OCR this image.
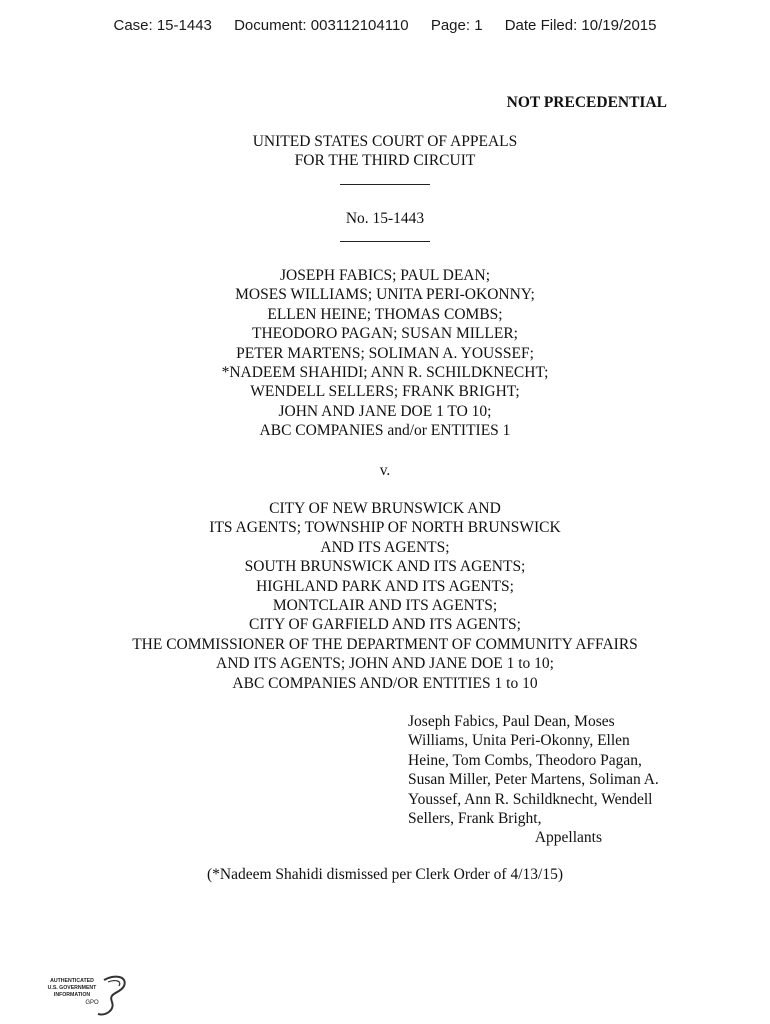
Case: 15-1443 Document: 003112104110 Page: 1 Date Filed: 10/19/2015
NOT PRECEDENTIAL
UNITED STATES COURT OF APPEALS
FOR THE THIRD CIRCUIT
No. 15-1443
JOSEPH FABICS; PAUL DEAN;
MOSES WILLIAMS; UNITA PERI-OKONNY;
ELLEN HEINE; THOMAS COMBS;
THEODORO PAGAN; SUSAN MILLER;
PETER MARTENS; SOLIMAN A. YOUSSEF;
*NADEEM SHAHIDI; ANN R. SCHILDKNECHT;
WENDELL SELLERS; FRANK BRIGHT;
JOHN AND JANE DOE 1 TO 10;
ABC COMPANIES and/or ENTITIES 1
v.
CITY OF NEW BRUNSWICK AND
ITS AGENTS; TOWNSHIP OF NORTH BRUNSWICK
AND ITS AGENTS;
SOUTH BRUNSWICK AND ITS AGENTS;
HIGHLAND PARK AND ITS AGENTS;
MONTCLAIR AND ITS AGENTS;
CITY OF GARFIELD AND ITS AGENTS;
THE COMMISSIONER OF THE DEPARTMENT OF COMMUNITY AFFAIRS
AND ITS AGENTS; JOHN AND JANE DOE 1 to 10;
ABC COMPANIES AND/OR ENTITIES 1 to 10
Joseph Fabics, Paul Dean, Moses
Williams, Unita Peri-Okonny, Ellen
Heine, Tom Combs, Theodoro Pagan,
Susan Miller, Peter Martens, Soliman A.
Youssef, Ann R. Schildknecht, Wendell
Sellers, Frank Bright,
Appellants
(*Nadeem Shahidi dismissed per Clerk Order of 4/13/15)
AUTHENTICATED
U.S. GOVERNMENT
INFORMATION
GPO
